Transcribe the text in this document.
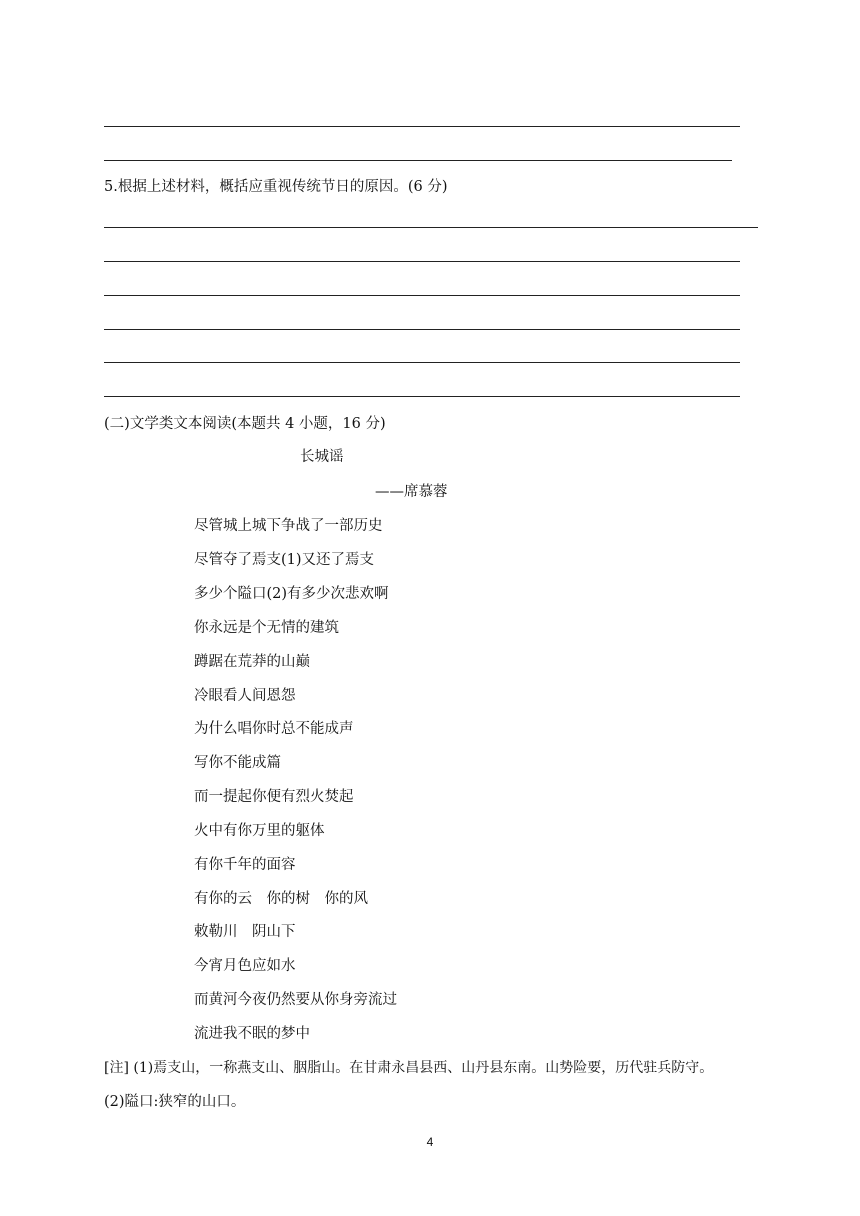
5.根据上述材料，概括应重视传统节日的原因。(6 分)
(二)文学类文本阅读(本题共 4 小题，16 分)
长城谣
——席慕蓉
尽管城上城下争战了一部历史
尽管夺了焉支(1)又还了焉支
多少个隘口(2)有多少次悲欢啊
你永远是个无情的建筑
蹲踞在荒莽的山巅
冷眼看人间恩怨
为什么唱你时总不能成声
写你不能成篇
而一提起你便有烈火焚起
火中有你万里的躯体
有你千年的面容
有你的云　你的树　你的风
敕勒川　阴山下
今宵月色应如水
而黄河今夜仍然要从你身旁流过
流进我不眠的梦中
[注] (1)焉支山，一称燕支山、胭脂山。在甘肃永昌县西、山丹县东南。山势险要，历代驻兵防守。
(2)隘口:狭窄的山口。
4
